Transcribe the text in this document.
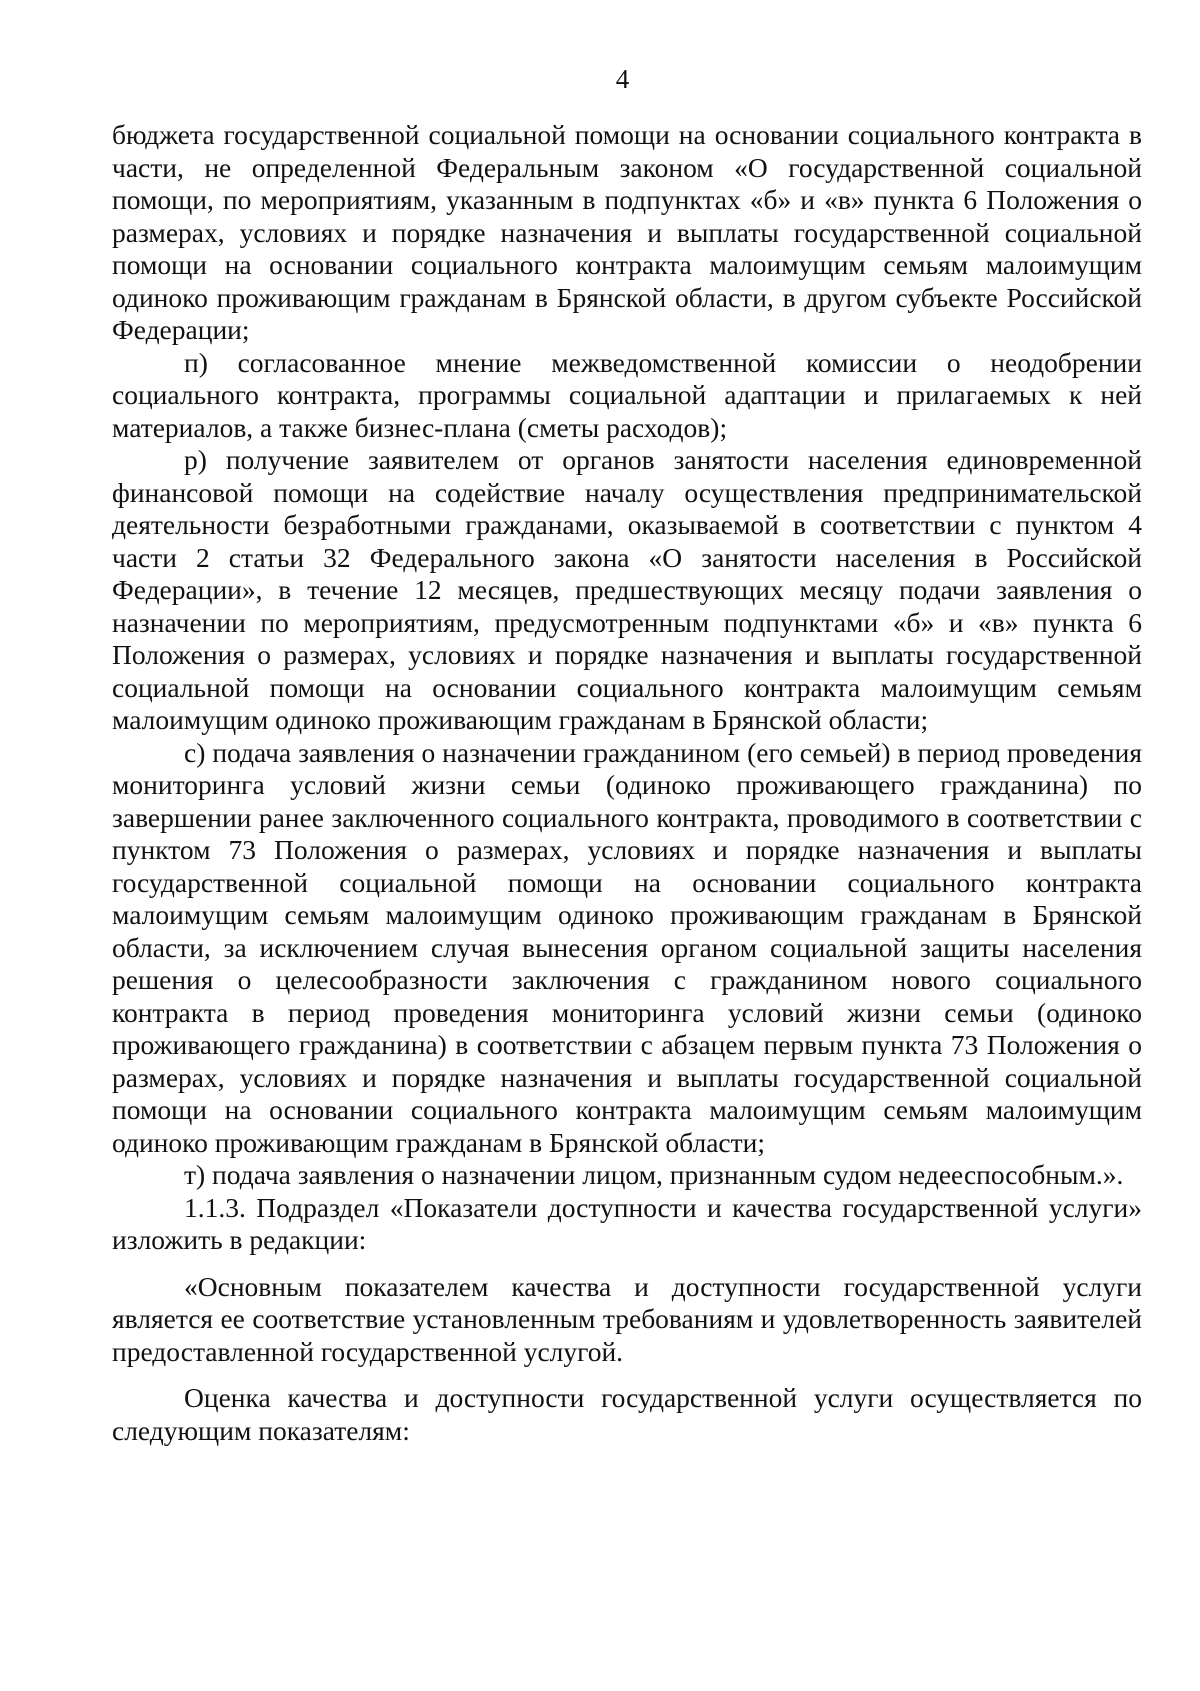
4

бюджета государственной социальной помощи на основании социального контракта в части, не определенной Федеральным законом «О государственной социальной помощи, по мероприятиям, указанным в подпунктах «б» и «в» пункта 6 Положения о размерах, условиях и порядке назначения и выплаты государственной социальной помощи на основании социального контракта малоимущим семьям малоимущим одиноко проживающим гражданам в Брянской области, в другом субъекте Российской Федерации;

п) согласованное мнение межведомственной комиссии о неодобрении социального контракта, программы социальной адаптации и прилагаемых к ней материалов, а также бизнес-плана (сметы расходов);

р) получение заявителем от органов занятости населения единовременной финансовой помощи на содействие началу осуществления предпринимательской деятельности безработными гражданами, оказываемой в соответствии с пунктом 4 части 2 статьи 32 Федерального закона «О занятости населения в Российской Федерации», в течение 12 месяцев, предшествующих месяцу подачи заявления о назначении по мероприятиям, предусмотренным подпунктами «б» и «в» пункта 6 Положения о размерах, условиях и порядке назначения и выплаты государственной социальной помощи на основании социального контракта малоимущим семьям малоимущим одиноко проживающим гражданам в Брянской области;

с) подача заявления о назначении гражданином (его семьей) в период проведения мониторинга условий жизни семьи (одиноко проживающего гражданина) по завершении ранее заключенного социального контракта, проводимого в соответствии с пунктом 73 Положения о размерах, условиях и порядке назначения и выплаты государственной социальной помощи на основании социального контракта малоимущим семьям малоимущим одиноко проживающим гражданам в Брянской области, за исключением случая вынесения органом социальной защиты населения решения о целесообразности заключения с гражданином нового социального контракта в период проведения мониторинга условий жизни семьи (одиноко проживающего гражданина) в соответствии с абзацем первым пункта 73 Положения о размерах, условиях и порядке назначения и выплаты государственной социальной помощи на основании социального контракта малоимущим семьям малоимущим одиноко проживающим гражданам в Брянской области;

т) подача заявления о назначении лицом, признанным судом недееспособным.».

1.1.3. Подраздел «Показатели доступности и качества государственной услуги» изложить в редакции:

«Основным показателем качества и доступности государственной услуги является ее соответствие установленным требованиям и удовлетворенность заявителей предоставленной государственной услугой.

Оценка качества и доступности государственной услуги осуществляется по следующим показателям:
